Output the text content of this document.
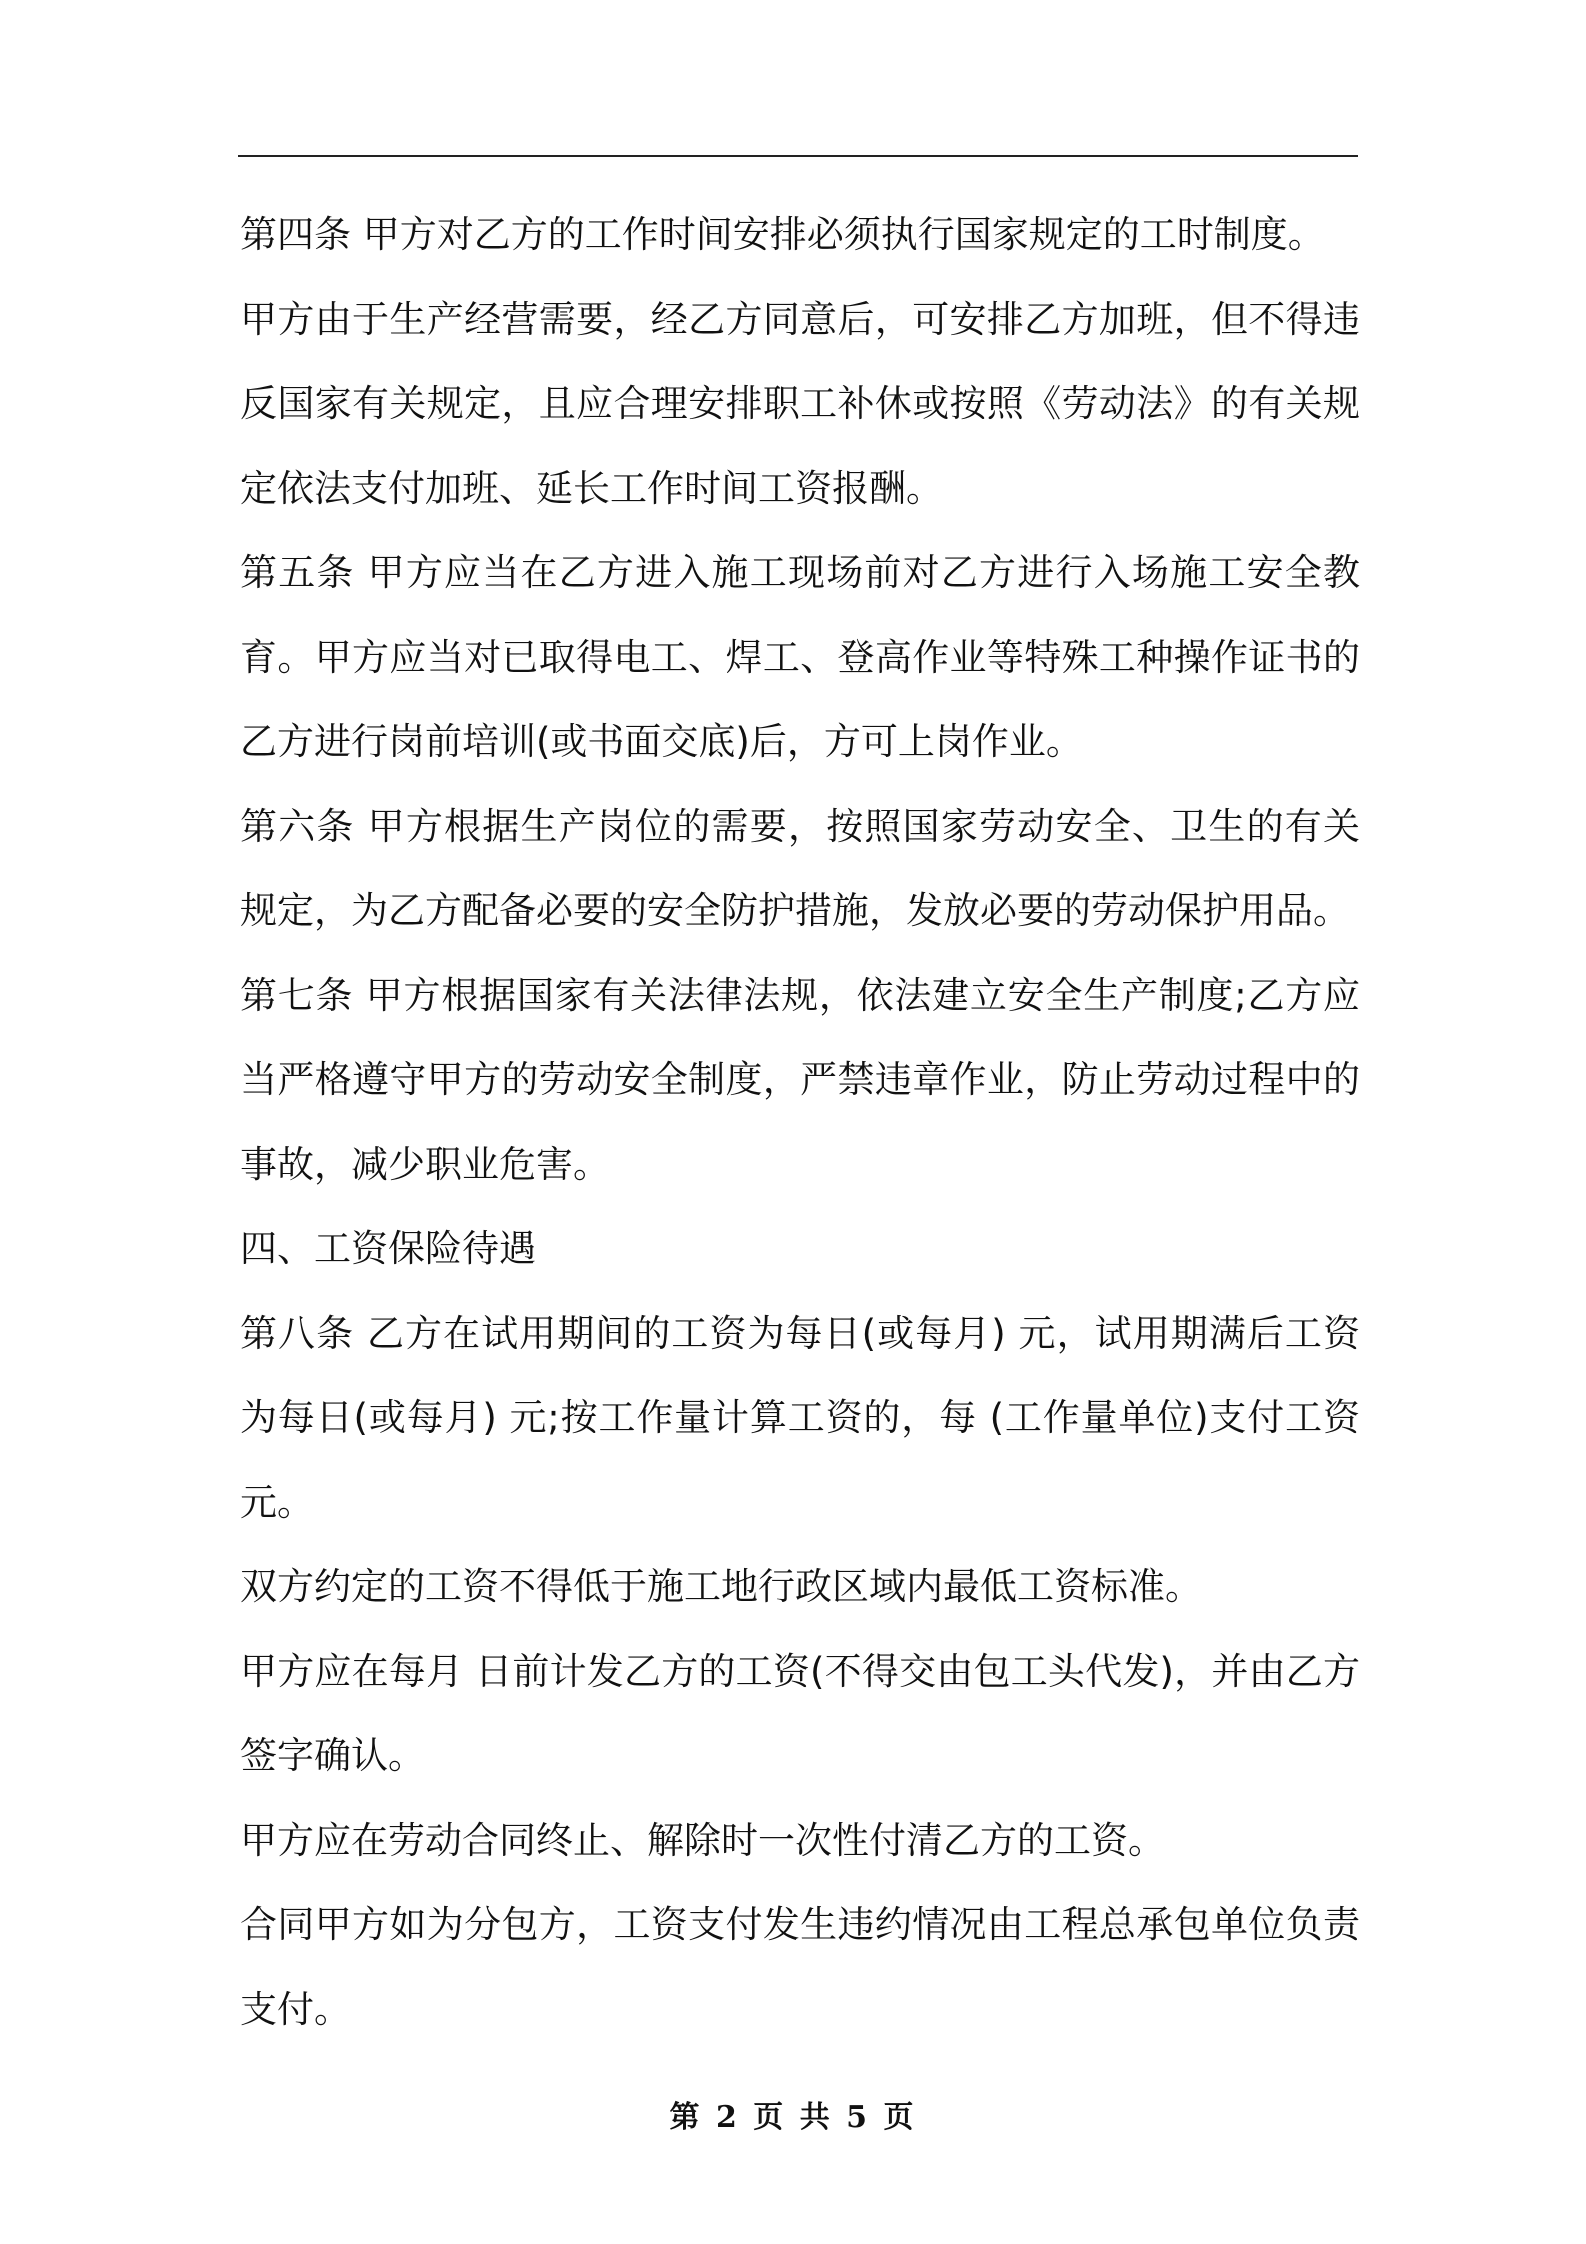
第四条 甲方对乙方的工作时间安排必须执行国家规定的工时制度。

甲方由于生产经营需要，经乙方同意后，可安排乙方加班，但不得违反国家有关规定，且应合理安排职工补休或按照《劳动法》的有关规定依法支付加班、延长工作时间工资报酬。

第五条 甲方应当在乙方进入施工现场前对乙方进行入场施工安全教育。甲方应当对已取得电工、焊工、登高作业等特殊工种操作证书的乙方进行岗前培训(或书面交底)后，方可上岗作业。

第六条 甲方根据生产岗位的需要，按照国家劳动安全、卫生的有关规定，为乙方配备必要的安全防护措施，发放必要的劳动保护用品。

第七条 甲方根据国家有关法律法规，依法建立安全生产制度;乙方应当严格遵守甲方的劳动安全制度，严禁违章作业，防止劳动过程中的事故，减少职业危害。

四、工资保险待遇

第八条 乙方在试用期间的工资为每日(或每月) 元，试用期满后工资为每日(或每月) 元;按工作量计算工资的，每 (工作量单位)支付工资 元。

双方约定的工资不得低于施工地行政区域内最低工资标准。

甲方应在每月 日前计发乙方的工资(不得交由包工头代发)，并由乙方签字确认。

甲方应在劳动合同终止、解除时一次性付清乙方的工资。

合同甲方如为分包方，工资支付发生违约情况由工程总承包单位负责支付。

第 2 页 共 5 页
